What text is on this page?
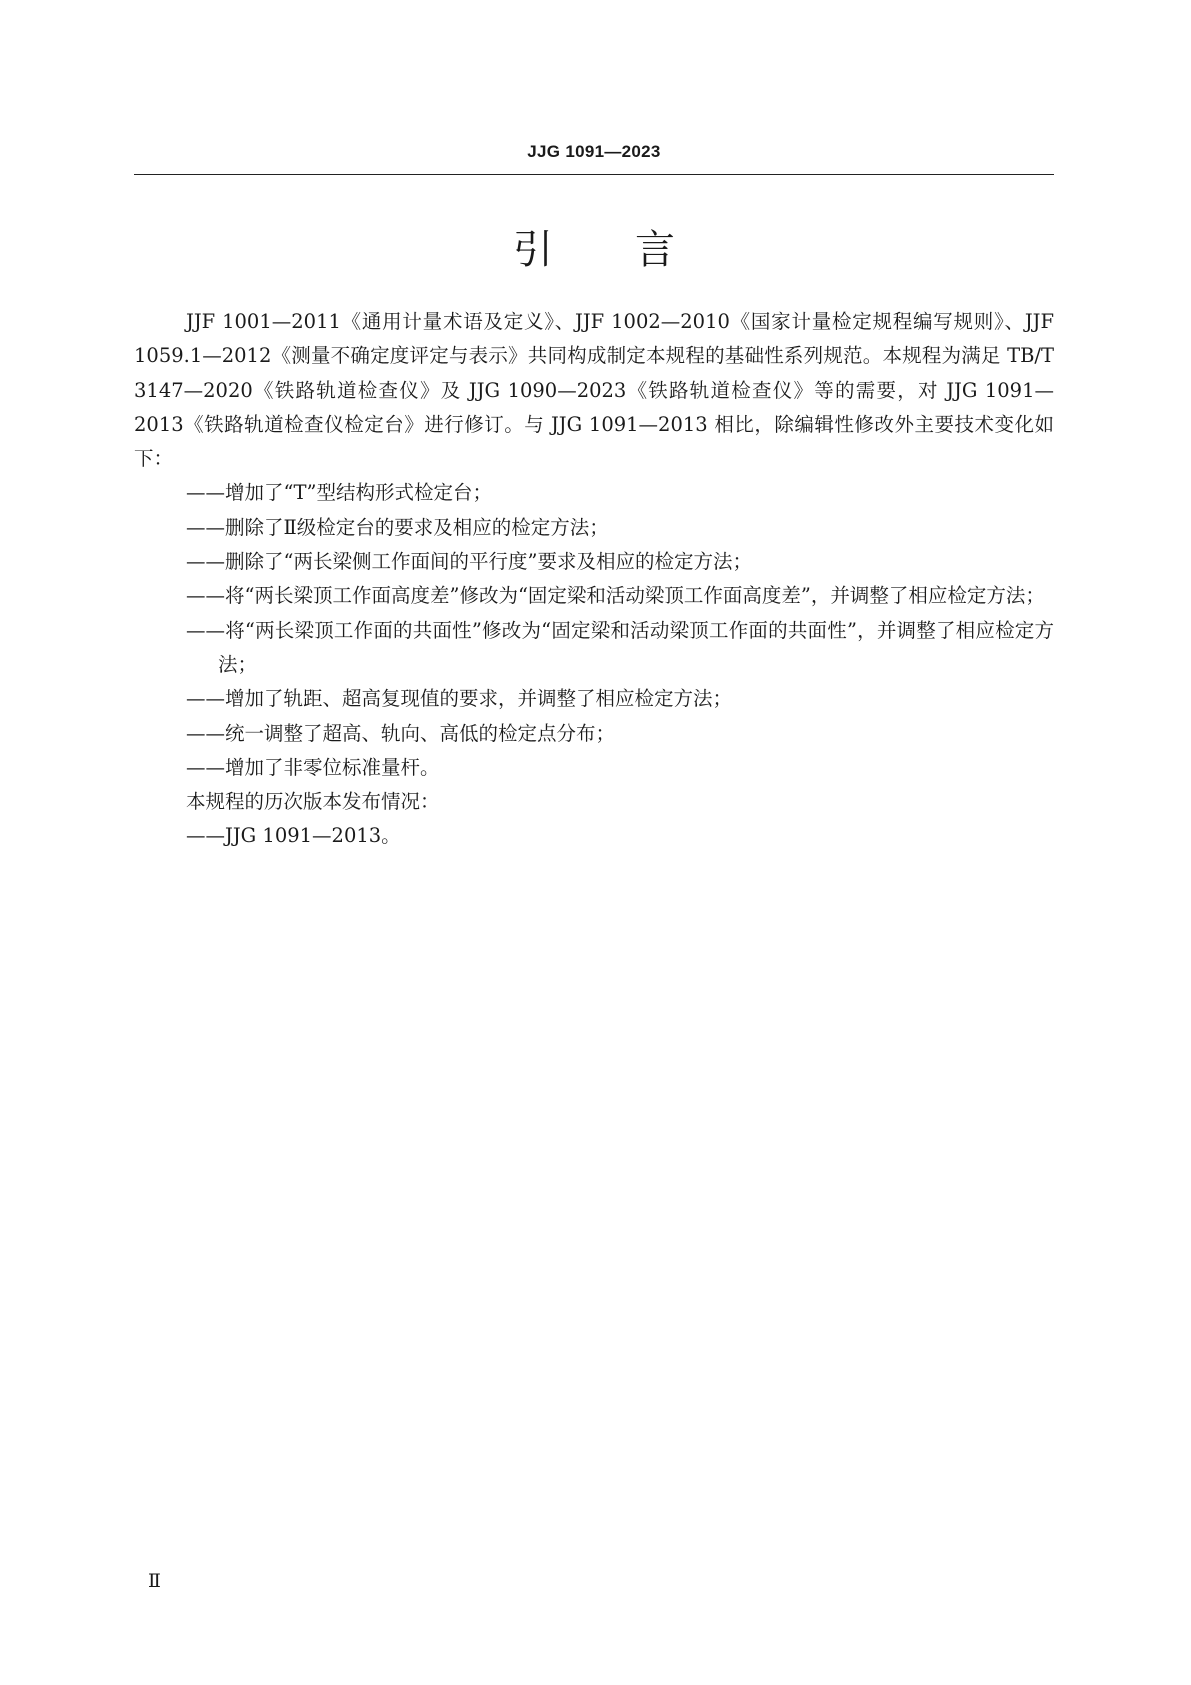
JJG 1091—2023
引 言

JJF 1001—2011《通用计量术语及定义》、JJF 1002—2010《国家计量检定规程编写规则》、JJF 1059.1—2012《测量不确定度评定与表示》共同构成制定本规程的基础性系列规范。本规程为满足 TB/T 3147—2020《铁路轨道检查仪》及 JJG 1090—2023《铁路轨道检查仪》等的需要，对 JJG 1091—2013《铁路轨道检查仪检定台》进行修订。与 JJG 1091—2013 相比，除编辑性修改外主要技术变化如下：

——增加了“T”型结构形式检定台；

——删除了Ⅱ级检定台的要求及相应的检定方法；

——删除了“两长梁侧工作面间的平行度”要求及相应的检定方法；

——将“两长梁顶工作面高度差”修改为“固定梁和活动梁顶工作面高度差”，并调整了相应检定方法；

——将“两长梁顶工作面的共面性”修改为“固定梁和活动梁顶工作面的共面性”，并调整了相应检定方法；

——增加了轨距、超高复现值的要求，并调整了相应检定方法；

——统一调整了超高、轨向、高低的检定点分布；

——增加了非零位标准量杆。

本规程的历次版本发布情况：

——JJG 1091—2013。

Ⅱ
